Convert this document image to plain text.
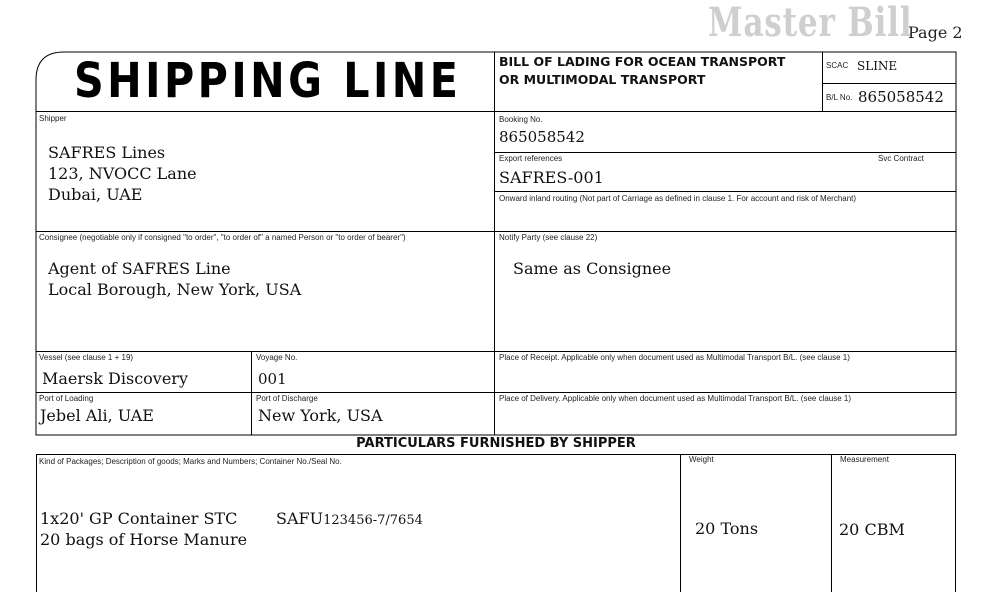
Master Bill
Page 2
SHIPPING LINE	BILL OF LADING FOR OCEAN TRANSPORT
OR MULTIMODAL TRANSPORT
SCAC SLINE
B/L No. 865058542
Shipper
SAFRES Lines
123, NVOCC Lane
Dubai, UAE
Booking No.
865058542
Export references	Svc Contract
SAFRES-001
Onward inland routing (Not part of Carriage as defined in clause 1. For account and risk of Merchant)
Consignee (negotiable only if consigned "to order", "to order of" a named Person or "to order of bearer")
Agent of SAFRES Line
Local Borough, New York, USA
Notify Party (see clause 22)
Same as Consignee
Vessel (see clause 1 + 19)
Maersk Discovery
Voyage No.
001
Place of Receipt. Applicable only when document used as Multimodal Transport B/L. (see clause 1)
Port of Loading
Jebel Ali, UAE
Port of Discharge
New York, USA
Place of Delivery. Applicable only when document used as Multimodal Transport B/L. (see clause 1)
PARTICULARS FURNISHED BY SHIPPER
Kind of Packages; Description of goods; Marks and Numbers; Container No./Seal No.
1x20' GP Container STC
20 bags of Horse Manure
SAFU123456-7/7654
Weight
20 Tons
Measurement
20 CBM
